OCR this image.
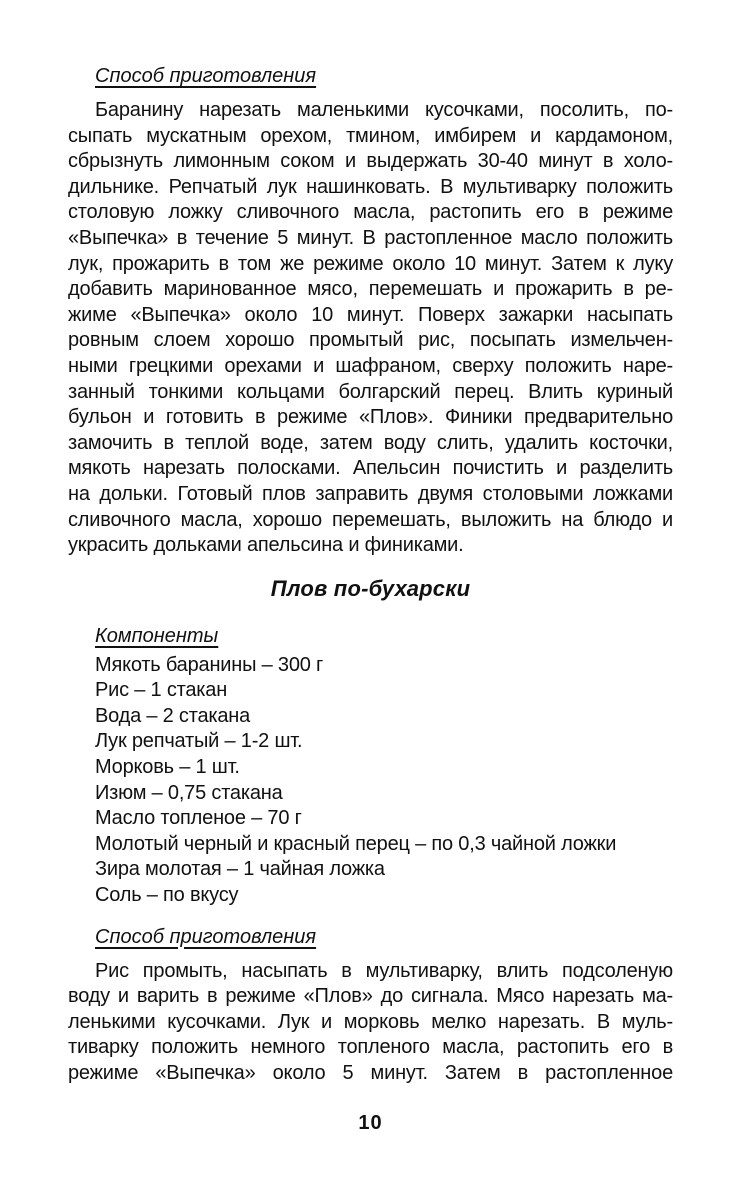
Способ приготовления
Баранину нарезать маленькими кусочками, посолить, по-
сыпать мускатным орехом, тмином, имбирем и кардамоном,
сбрызнуть лимонным соком и выдержать 30-40 минут в холо-
дильнике. Репчатый лук нашинковать. В мультиварку положить
столовую ложку сливочного масла, растопить его в режиме
«Выпечка» в течение 5 минут. В растопленное масло положить
лук, прожарить в том же режиме около 10 минут. Затем к луку
добавить маринованное мясо, перемешать и прожарить в ре-
жиме «Выпечка» около 10 минут. Поверх зажарки насыпать
ровным слоем хорошо промытый рис, посыпать измельчен-
ными грецкими орехами и шафраном, сверху положить наре-
занный тонкими кольцами болгарский перец. Влить куриный
бульон и готовить в режиме «Плов». Финики предварительно
замочить в теплой воде, затем воду слить, удалить косточки,
мякоть нарезать полосками. Апельсин почистить и разделить
на дольки. Готовый плов заправить двумя столовыми ложками
сливочного масла, хорошо перемешать, выложить на блюдо и
украсить дольками апельсина и финиками.
Плов по-бухарски
Компоненты
Мякоть баранины – 300 г
Рис – 1 стакан
Вода – 2 стакана
Лук репчатый – 1-2 шт.
Морковь – 1 шт.
Изюм – 0,75 стакана
Масло топленое – 70 г
Молотый черный и красный перец – по 0,3 чайной ложки
Зира молотая – 1 чайная ложка
Соль – по вкусу
Способ приготовления
Рис промыть, насыпать в мультиварку, влить подсоленую
воду и варить в режиме «Плов» до сигнала. Мясо нарезать ма-
ленькими кусочками. Лук и морковь мелко нарезать. В муль-
тиварку положить немного топленого масла, растопить его в
режиме «Выпечка» около 5 минут. Затем в растопленное
10
